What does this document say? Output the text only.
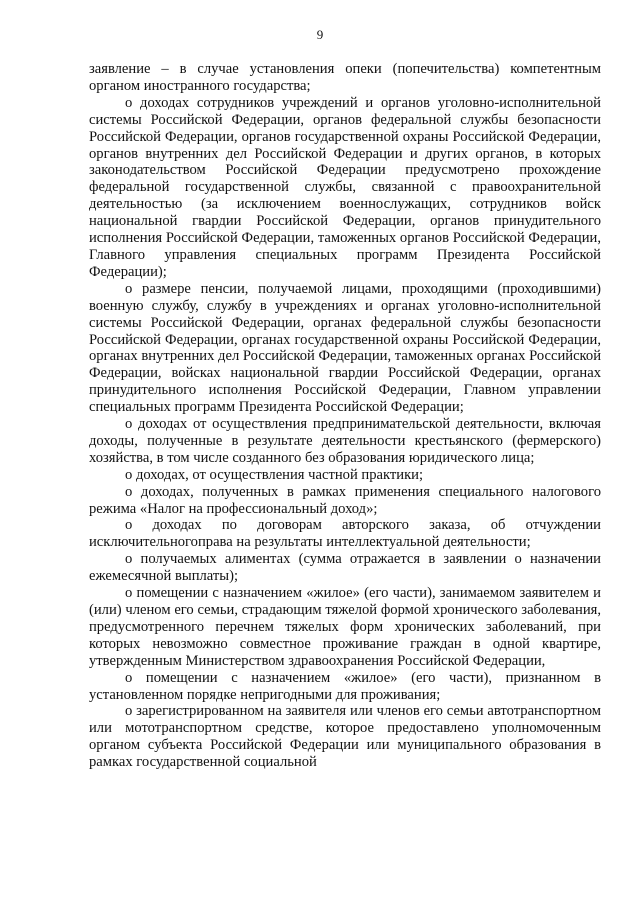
9

заявление – в случае установления опеки (попечительства) компетентным органом иностранного государства;

о доходах сотрудников учреждений и органов уголовно-исполнительной системы Российской Федерации, органов федеральной службы безопасности Российской Федерации, органов государственной охраны Российской Федерации, органов внутренних дел Российской Федерации и других органов, в которых законодательством Российской Федерации предусмотрено прохождение федеральной государственной службы, связанной с правоохранительной деятельностью (за исключением военнослужащих, сотрудников войск национальной гвардии Российской Федерации, органов принудительного исполнения Российской Федерации, таможенных органов Российской Федерации, Главного управления специальных программ Президента Российской Федерации);

о размере пенсии, получаемой лицами, проходящими (проходившими) военную службу, службу в учреждениях и органах уголовно-исполнительной системы Российской Федерации, органах федеральной службы безопасности Российской Федерации, органах государственной охраны Российской Федерации, органах внутренних дел Российской Федерации, таможенных органах Российской Федерации, войсках национальной гвардии Российской Федерации, органах принудительного исполнения Российской Федерации, Главном управлении специальных программ Президента Российской Федерации;

о доходах от осуществления предпринимательской деятельности, включая доходы, полученные в результате деятельности крестьянского (фермерского) хозяйства, в том числе созданного без образования юридического лица;

о доходах, от осуществления частной практики;

о доходах, полученных в рамках применения специального налогового режима «Налог на профессиональный доход»;

о доходах по договорам авторского заказа, об отчуждении исключительногоправа на результаты интеллектуальной деятельности;

о получаемых алиментах (сумма отражается в заявлении о назначении ежемесячной выплаты);

о помещении с назначением «жилое» (его части), занимаемом заявителем и (или) членом его семьи, страдающим тяжелой формой хронического заболевания, предусмотренного перечнем тяжелых форм хронических заболеваний, при которых невозможно совместное проживание граждан в одной квартире, утвержденным Министерством здравоохранения Российской Федерации,

о помещении с назначением «жилое» (его части), признанном в установленном порядке непригодными для проживания;

о зарегистрированном на заявителя или членов его семьи автотранспортном или мототранспортном средстве, которое предоставлено уполномоченным органом субъекта Российской Федерации или муниципального образования в рамках государственной социальной
